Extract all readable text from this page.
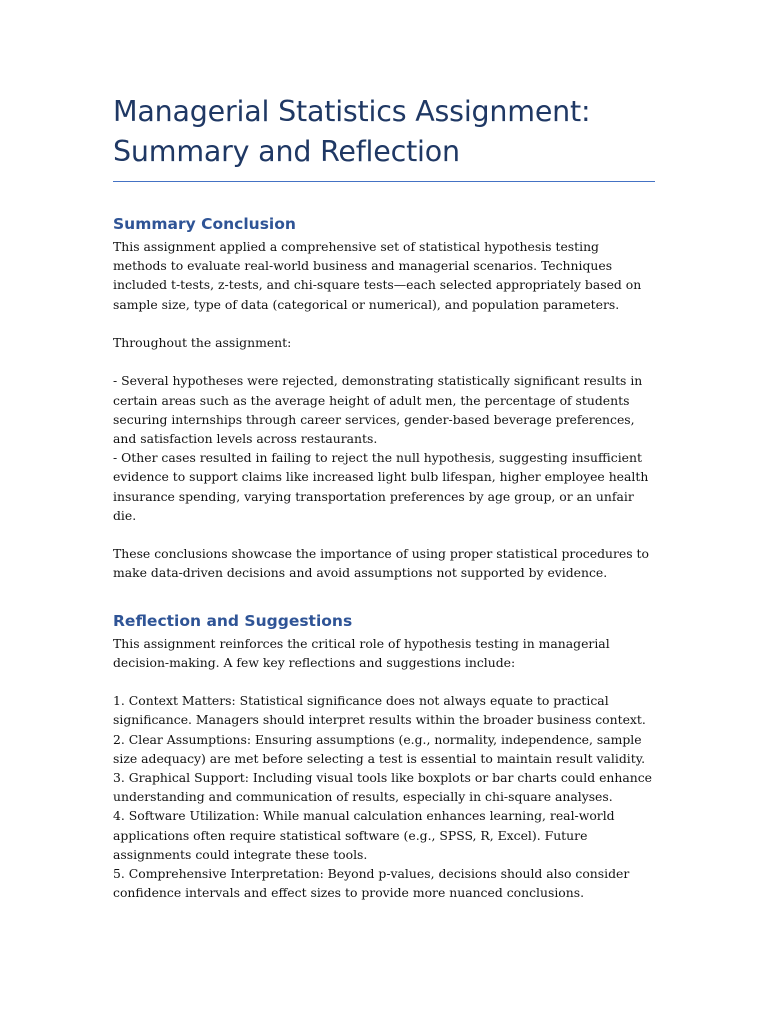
Managerial Statistics Assignment:
Summary and Reflection
Summary Conclusion

This assignment applied a comprehensive set of statistical hypothesis testing methods to evaluate real-world business and managerial scenarios. Techniques included t-tests, z-tests, and chi-square tests—each selected appropriately based on sample size, type of data (categorical or numerical), and population parameters.

Throughout the assignment:

- Several hypotheses were rejected, demonstrating statistically significant results in certain areas such as the average height of adult men, the percentage of students securing internships through career services, gender-based beverage preferences, and satisfaction levels across restaurants.

- Other cases resulted in failing to reject the null hypothesis, suggesting insufficient evidence to support claims like increased light bulb lifespan, higher employee health insurance spending, varying transportation preferences by age group, or an unfair die.

These conclusions showcase the importance of using proper statistical procedures to make data-driven decisions and avoid assumptions not supported by evidence.

Reflection and Suggestions

This assignment reinforces the critical role of hypothesis testing in managerial decision-making. A few key reflections and suggestions include:

1. Context Matters: Statistical significance does not always equate to practical significance. Managers should interpret results within the broader business context.

2. Clear Assumptions: Ensuring assumptions (e.g., normality, independence, sample size adequacy) are met before selecting a test is essential to maintain result validity.

3. Graphical Support: Including visual tools like boxplots or bar charts could enhance understanding and communication of results, especially in chi-square analyses.

4. Software Utilization: While manual calculation enhances learning, real-world applications often require statistical software (e.g., SPSS, R, Excel). Future assignments could integrate these tools.

5. Comprehensive Interpretation: Beyond p-values, decisions should also consider confidence intervals and effect sizes to provide more nuanced conclusions.
